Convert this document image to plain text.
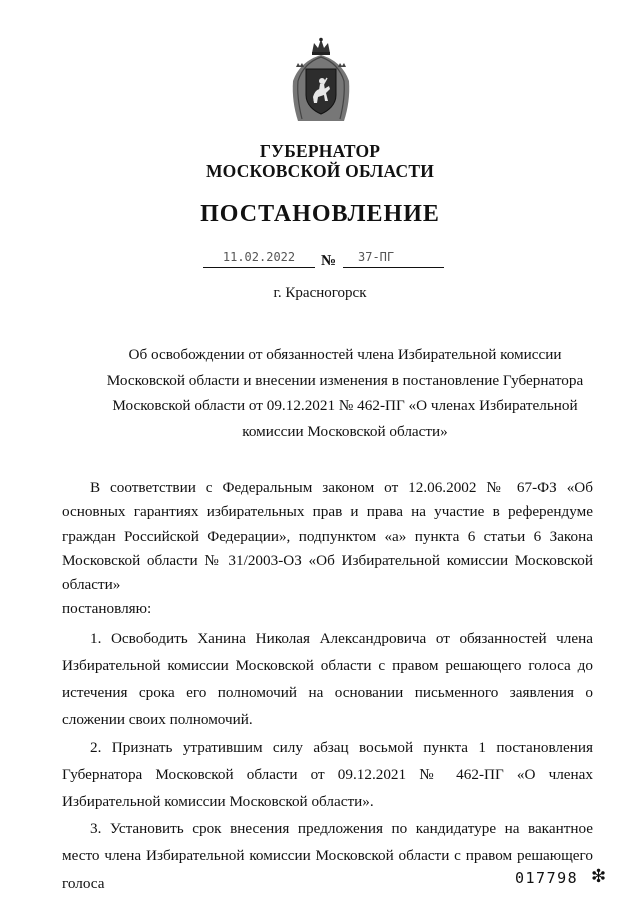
ГУБЕРНАТОР
МОСКОВСКОЙ ОБЛАСТИ
ПОСТАНОВЛЕНИЕ
11.02.2022	№	37-ПГ
г. Красногорск
Об освобождении от обязанностей члена Избирательной комиссии Московской области и внесении изменения в постановление Губернатора Московской области от 09.12.2021 № 462-ПГ «О членах Избирательной комиссии Московской области»

В соответствии с Федеральным законом от 12.06.2002 № 67-ФЗ «Об основных гарантиях избирательных прав и права на участие в референдуме граждан Российской Федерации», подпунктом «а» пункта 6 статьи 6 Закона Московской области № 31/2003-ОЗ «Об Избирательной комиссии Московской области»

постановляю:

1. Освободить Ханина Николая Александровича от обязанностей члена Избирательной комиссии Московской области с правом решающего голоса до истечения срока его полномочий на основании письменного заявления о сложении своих полномочий.

2. Признать утратившим силу абзац восьмой пункта 1 постановления Губернатора Московской области от 09.12.2021 № 462-ПГ «О членах Избирательной комиссии Московской области».

3. Установить срок внесения предложения по кандидатуре на вакантное место члена Избирательной комиссии Московской области с правом решающего голоса	017798 ❇
